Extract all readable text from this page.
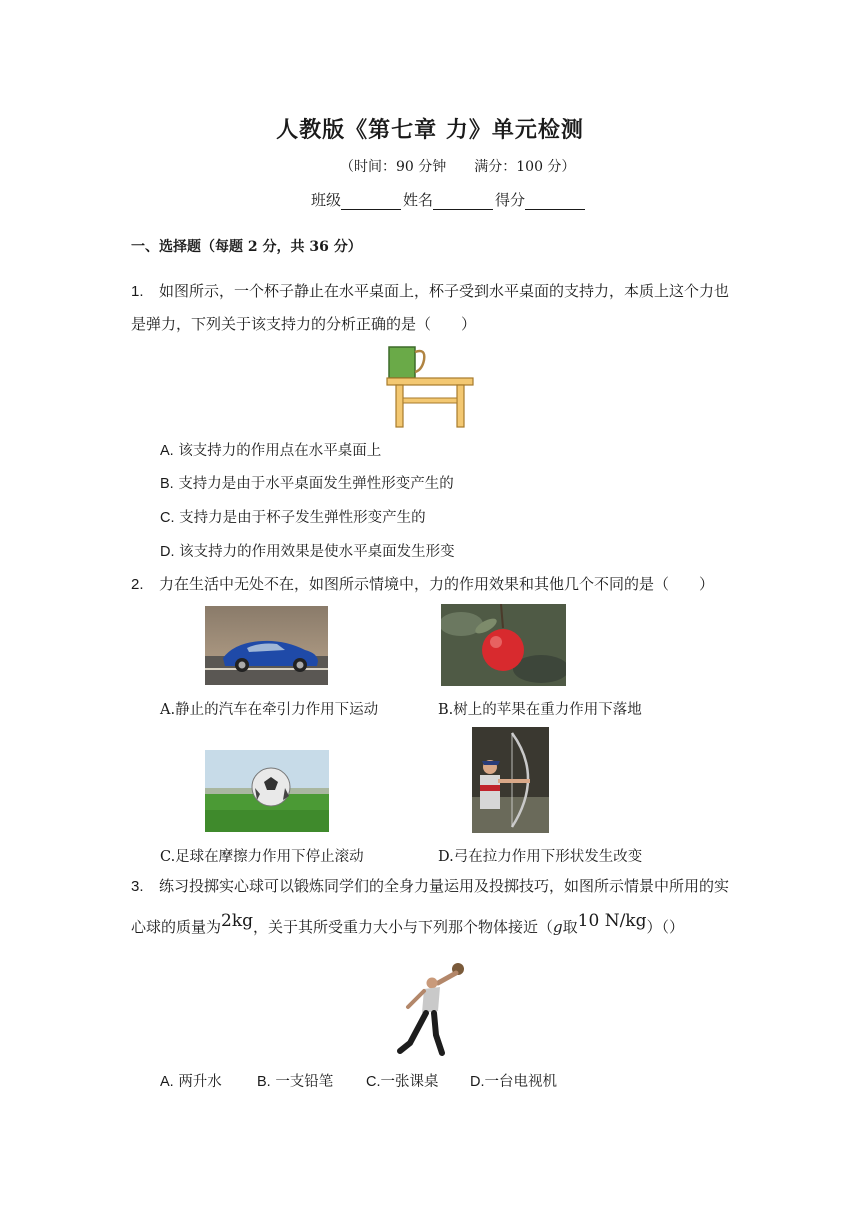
人教版《第七章 力》单元检测
（时间：90 分钟　　满分：100 分）
班级	姓名	得分
一、选择题（每题 2 分，共 36 分）
1. 如图所示，一个杯子静止在水平桌面上，杯子受到水平桌面的支持力，本质上这个力也
是弹力，下列关于该支持力的分析正确的是（　　）
A. 该支持力的作用点在水平桌面上
B. 支持力是由于水平桌面发生弹性形变产生的
C. 支持力是由于杯子发生弹性形变产生的
D. 该支持力的作用效果是使水平桌面发生形变
2. 力在生活中无处不在，如图所示情境中，力的作用效果和其他几个不同的是（　　）
A.静止的汽车在牵引力作用下运动	B.树上的苹果在重力作用下落地
C.足球在摩擦力作用下停止滚动	D.弓在拉力作用下形状发生改变
3. 练习投掷实心球可以锻炼同学们的全身力量运用及投掷技巧，如图所示情景中所用的实
心球的质量为2kg，关于其所受重力大小与下列那个物体接近（g取10 N/kg）（）
A. 两升水 B. 一支铅笔 C.一张课桌 D.一台电视机
